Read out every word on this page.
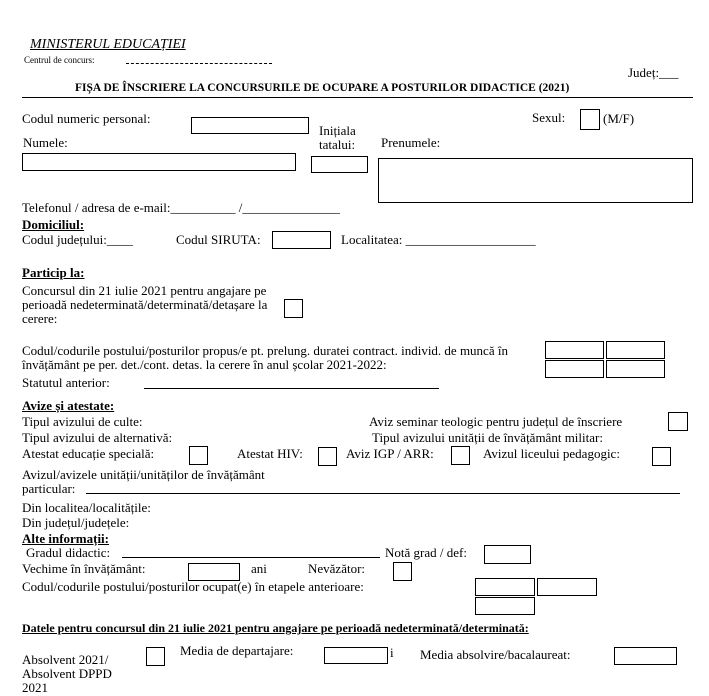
MINISTERUL EDUCAȚIEI
Centrul de concurs:
Județ:___
FIȘA DE ÎNSCRIERE LA CONCURSURILE DE OCUPARE A POSTURILOR DIDACTICE (2021)
Codul numeric personal:	Sexul:	(M/F)
Numele:
Inițiala tatalui:	Prenumele:
Telefonul / adresa de e-mail:__________ /_______________
Domiciliul:
Codul județului:____	Codul SIRUTA:	Localitatea: ____________________
Particip la:
Concursul din 21 iulie 2021 pentru angajare pe perioadă nedeterminată/determinată/detașare la cerere:
Codul/codurile postului/posturilor propus/e pt. prelung. duratei contract. individ. de muncă în învățământ pe per. det./cont. detas. la cerere în anul școlar 2021-2022:
Statutul anterior:
Avize și atestate:
Tipul avizului de culte:	Aviz seminar teologic pentru județul de înscriere
Tipul avizului de alternativă:	Tipul avizului unității de învățământ militar:
Atestat educație specială:	Atestat HIV:	Aviz IGP / ARR:	Avizul liceului pedagogic:
Avizul/avizele unității/unităților de învățământ particular:
Din localitea/localitățile:
Din județul/județele:
Alte informații:
Gradul didactic:	Notă grad / def:
Vechime în învățământ:	ani	Nevăzător:
Codul/codurile postului/posturilor ocupat(e) în etapele anterioare:
Datele pentru concursul din 21 iulie 2021 pentru angajare pe perioadă nedeterminată/determinată:
Absolvent 2021/ Absolvent DPPD 2021
Media de departajare:	i Media absolvire/bacalaureat:
